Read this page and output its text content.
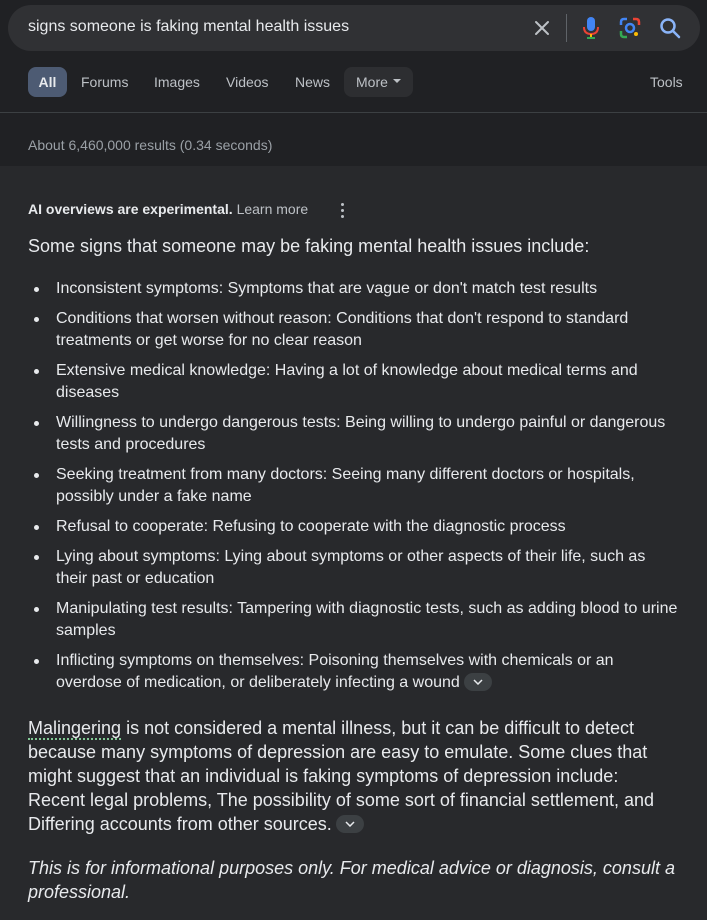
signs someone is faking mental health issues
All	Forums Images Videos News	More	Tools
About 6,460,000 results (0.34 seconds)
AI overviews are experimental. Learn more
Some signs that someone may be faking mental health issues include:
Inconsistent symptoms: Symptoms that are vague or don't match test results
Conditions that worsen without reason: Conditions that don't respond to standard treatments or get worse for no clear reason
Extensive medical knowledge: Having a lot of knowledge about medical terms and diseases
Willingness to undergo dangerous tests: Being willing to undergo painful or dangerous tests and procedures
Seeking treatment from many doctors: Seeing many different doctors or hospitals, possibly under a fake name
Refusal to cooperate: Refusing to cooperate with the diagnostic process
Lying about symptoms: Lying about symptoms or other aspects of their life, such as their past or education
Manipulating test results: Tampering with diagnostic tests, such as adding blood to urine samples
Inflicting symptoms on themselves: Poisoning themselves with chemicals or an overdose of medication, or deliberately infecting a wound
Malingering is not considered a mental illness, but it can be difficult to detect because many symptoms of depression are easy to emulate. Some clues that might suggest that an individual is faking symptoms of depression include: Recent legal problems, The possibility of some sort of financial settlement, and Differing accounts from other sources.
This is for informational purposes only. For medical advice or diagnosis, consult a professional.
